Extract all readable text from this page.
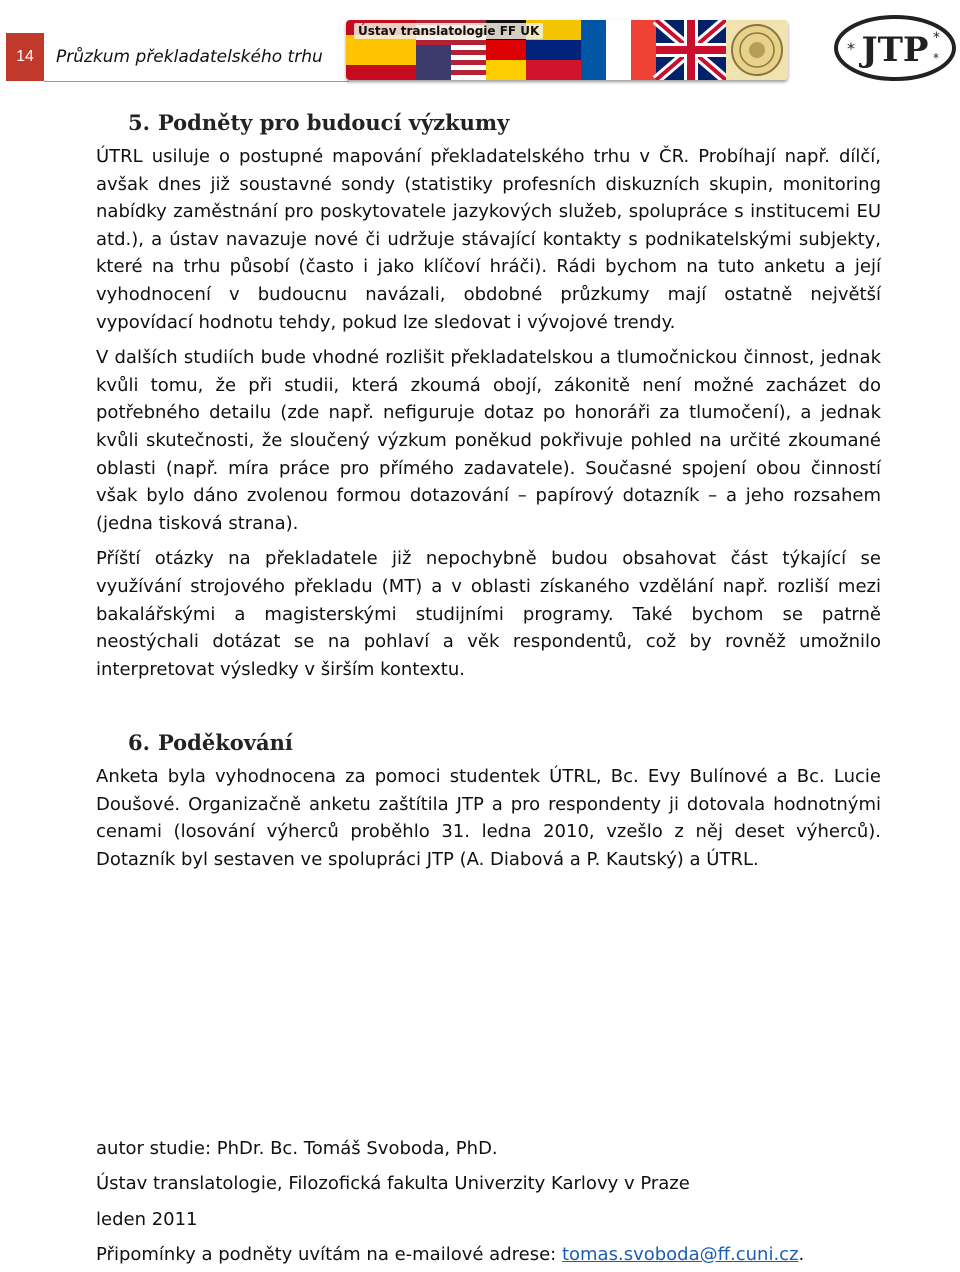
14	Průzkum překladatelského trhu
Ústav translatologie FF UK	JTP
*
*
*
5. Podněty pro budoucí výzkumy

ÚTRL usiluje o postupné mapování překladatelského trhu v ČR. Probíhají např. dílčí, avšak dnes již soustavné sondy (statistiky profesních diskuzních skupin, monitoring nabídky zaměstnání pro poskytovatele jazykových služeb, spolupráce s institucemi EU atd.), a ústav navazuje nové či udržuje stávající kontakty s podnikatelskými subjekty, které na trhu působí (často i jako klíčoví hráči). Rádi bychom na tuto anketu a její vyhodnocení v budoucnu navázali, obdobné průzkumy mají ostatně největší vypovídací hodnotu tehdy, pokud lze sledovat i vývojové trendy.

V dalších studiích bude vhodné rozlišit překladatelskou a tlumočnickou činnost, jednak kvůli tomu, že při studii, která zkoumá obojí, zákonitě není možné zacházet do potřebného detailu (zde např. nefiguruje dotaz po honoráři za tlumočení), a jednak kvůli skutečnosti, že sloučený výzkum poněkud pokřivuje pohled na určité zkoumané oblasti (např. míra práce pro přímého zadavatele). Současné spojení obou činností však bylo dáno zvolenou formou dotazování – papírový dotazník – a jeho rozsahem (jedna tisková strana).

Příští otázky na překladatele již nepochybně budou obsahovat část týkající se využívání strojového překladu (MT) a v oblasti získaného vzdělání např. rozliší mezi bakalářskými a magisterskými studijními programy. Také bychom se patrně neostýchali dotázat se na pohlaví a věk respondentů, což by rovněž umožnilo interpretovat výsledky v širším kontextu.

6. Poděkování

Anketa byla vyhodnocena za pomoci studentek ÚTRL, Bc. Evy Bulínové a Bc. Lucie Doušové. Organizačně anketu zaštítila JTP a pro respondenty ji dotovala hodnotnými cenami (losování výherců proběhlo 31. ledna 2010, vzešlo z něj deset výherců). Dotazník byl sestaven ve spolupráci JTP (A. Diabová a P. Kautský) a ÚTRL.

autor studie: PhDr. Bc. Tomáš Svoboda, PhD.

Ústav translatologie, Filozofická fakulta Univerzity Karlovy v Praze

leden 2011

Připomínky a podněty uvítám na e-mailové adrese: tomas.svoboda@ff.cuni.cz.
